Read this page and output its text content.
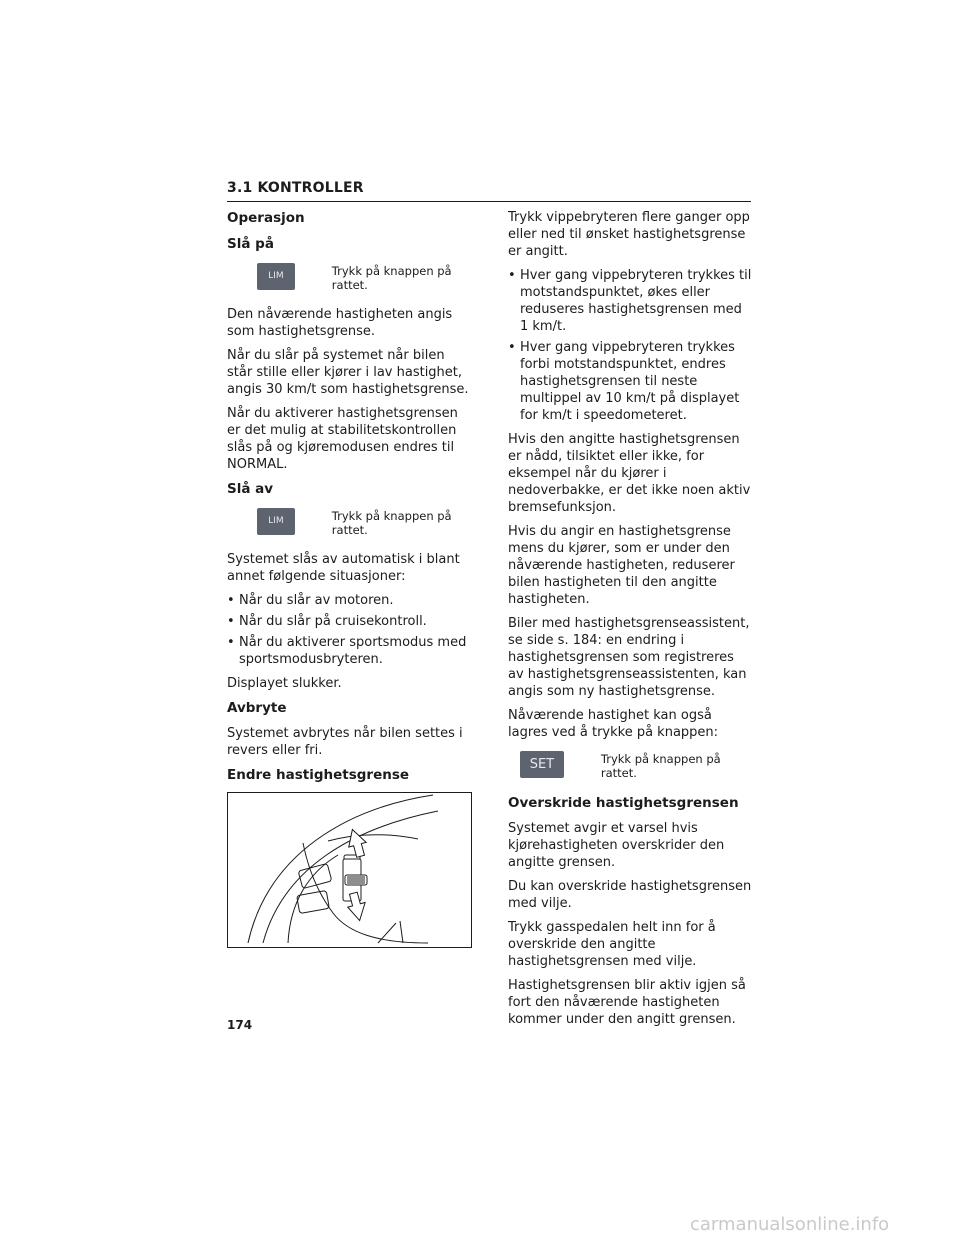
3.1 KONTROLLER
Operasjon
Slå på
LIM	Trykk på knappen på rattet.

Den nåværende hastigheten angis som hastighetsgrense.

Når du slår på systemet når bilen står stille eller kjører i lav hastighet, angis 30 km/t som hastighetsgrense.

Når du aktiverer hastighetsgrensen er det mulig at stabilitetskontrollen slås på og kjøremodusen endres til NORMAL.

Slå av
LIM	Trykk på knappen på rattet.

Systemet slås av automatisk i blant annet følgende situasjoner:

• Når du slår av motoren.
• Når du slår på cruisekontroll.
• Når du aktiverer sportsmodus med sportsmodusbryteren.

Displayet slukker.

Avbryte

Systemet avbrytes når bilen settes i revers eller fri.

Endre hastighetsgrense

Trykk vippebryteren flere ganger opp eller ned til ønsket hastighetsgrense er angitt.

• Hver gang vippebryteren trykkes til motstandspunktet, økes eller reduseres hastighetsgrensen med 1 km/t.
• Hver gang vippebryteren trykkes forbi motstandspunktet, endres hastighetsgrensen til neste multippel av 10 km/t på displayet for km/t i speedometeret.

Hvis den angitte hastighetsgrensen er nådd, tilsiktet eller ikke, for eksempel når du kjører i nedoverbakke, er det ikke noen aktiv bremsefunksjon.

Hvis du angir en hastighetsgrense mens du kjører, som er under den nåværende hastigheten, reduserer bilen hastigheten til den angitte hastigheten.

Biler med hastighetsgrenseassistent, se side s. 184: en endring i hastighetsgrensen som registreres av hastighetsgrenseassistenten, kan angis som ny hastighetsgrense.

Nåværende hastighet kan også lagres ved å trykke på knappen:

SET	Trykk på knappen på rattet.
Overskride hastighetsgrensen

Systemet avgir et varsel hvis kjørehastigheten overskrider den angitte grensen.

Du kan overskride hastighetsgrensen med vilje.

Trykk gasspedalen helt inn for å overskride den angitte hastighetsgrensen med vilje.

Hastighetsgrensen blir aktiv igjen så fort den nåværende hastigheten kommer under den angitt grensen.

174
carmanualsonline.info
